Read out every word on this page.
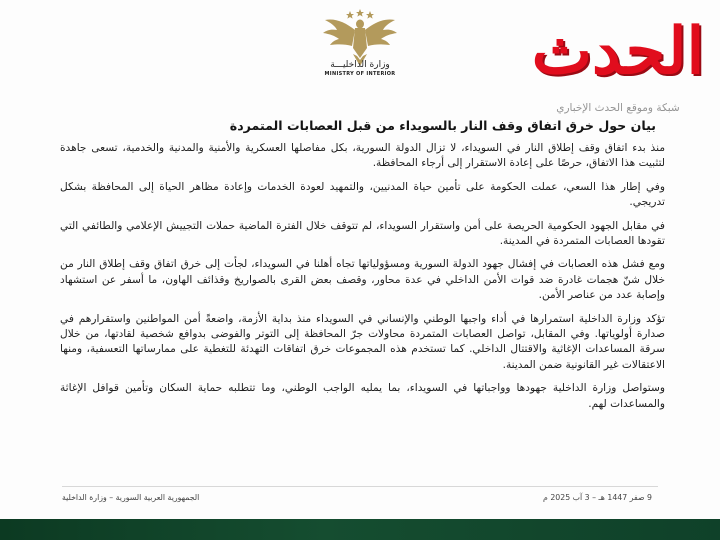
وزارة الداخليـــة
MINISTRY OF INTERIOR	الحدث
شبكة وموقع الحدث الإخباري
بيان حول خرق اتفاق وقف النار بالسويداء من قبل العصابات المتمردة

منذ بدء اتفاق وقف إطلاق النار في السويداء، لا تزال الدولة السورية، بكل مفاصلها العسكرية والأمنية والمدنية والخدمية، تسعى جاهدة لتثبيت هذا الاتفاق، حرصًا على إعادة الاستقرار إلى أرجاء المحافظة.

وفي إطار هذا السعي، عملت الحكومة على تأمين حياة المدنيين، والتمهيد لعودة الخدمات وإعادة مظاهر الحياة إلى المحافظة بشكل تدريجي.

في مقابل الجهود الحكومية الحريصة على أمن واستقرار السويداء، لم تتوقف خلال الفترة الماضية حملات التجييش الإعلامي والطائفي التي تقودها العصابات المتمردة في المدينة.

ومع فشل هذه العصابات في إفشال جهود الدولة السورية ومسؤولياتها تجاه أهلنا في السويداء، لجأت إلى خرق اتفاق وقف إطلاق النار من خلال شنّ هجمات غادرة ضد قوات الأمن الداخلي في عدة محاور، وقصف بعض القرى بالصواريخ وقذائف الهاون، ما أسفر عن استشهاد وإصابة عدد من عناصر الأمن.

تؤكد وزارة الداخلية استمرارها في أداء واجبها الوطني والإنساني في السويداء منذ بداية الأزمة، واضعةً أمن المواطنين واستقرارهم في صدارة أولوياتها. وفي المقابل، تواصل العصابات المتمردة محاولات جرّ المحافظة إلى التوتر والفوضى بدوافع شخصية لقادتها، من خلال سرقة المساعدات الإغاثية والاقتتال الداخلي. كما تستخدم هذه المجموعات خرق اتفاقات التهدئة للتغطية على ممارساتها التعسفية، ومنها الاعتقالات غير القانونية ضمن المدينة.

وستواصل وزارة الداخلية جهودها وواجباتها في السويداء، بما يمليه الواجب الوطني، وما تتطلبه حماية السكان وتأمين قوافل الإغاثة والمساعدات لهم.

9 صفر 1447 هـ – 3 آب 2025 م
الجمهورية العربية السورية – وزارة الداخلية
